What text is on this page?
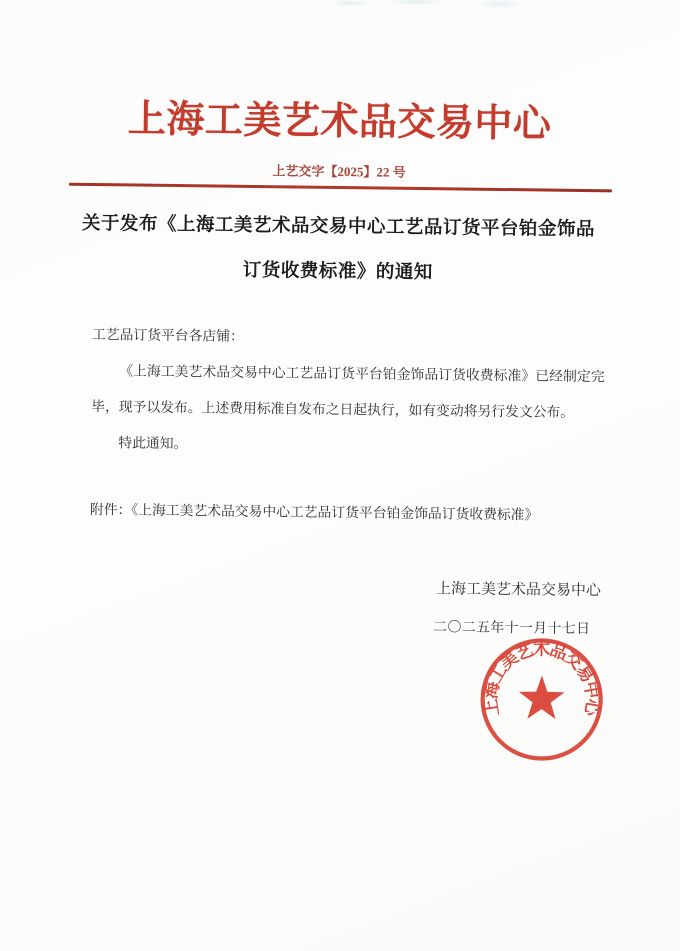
上海工美艺术品交易中心
上艺交字【2025】22 号
关于发布《上海工美艺术品交易中心工艺品订货平台铂金饰品
订货收费标准》的通知
工艺品订货平台各店铺：
《上海工美艺术品交易中心工艺品订货平台铂金饰品订货收费标准》已经制定完毕，现予以发布。上述费用标准自发布之日起执行，如有变动将另行发文公布。
特此通知。
附件：《上海工美艺术品交易中心工艺品订货平台铂金饰品订货收费标准》
上海工美艺术品交易中心
二〇二五年十一月十七日
上海工美艺术品交易中心
